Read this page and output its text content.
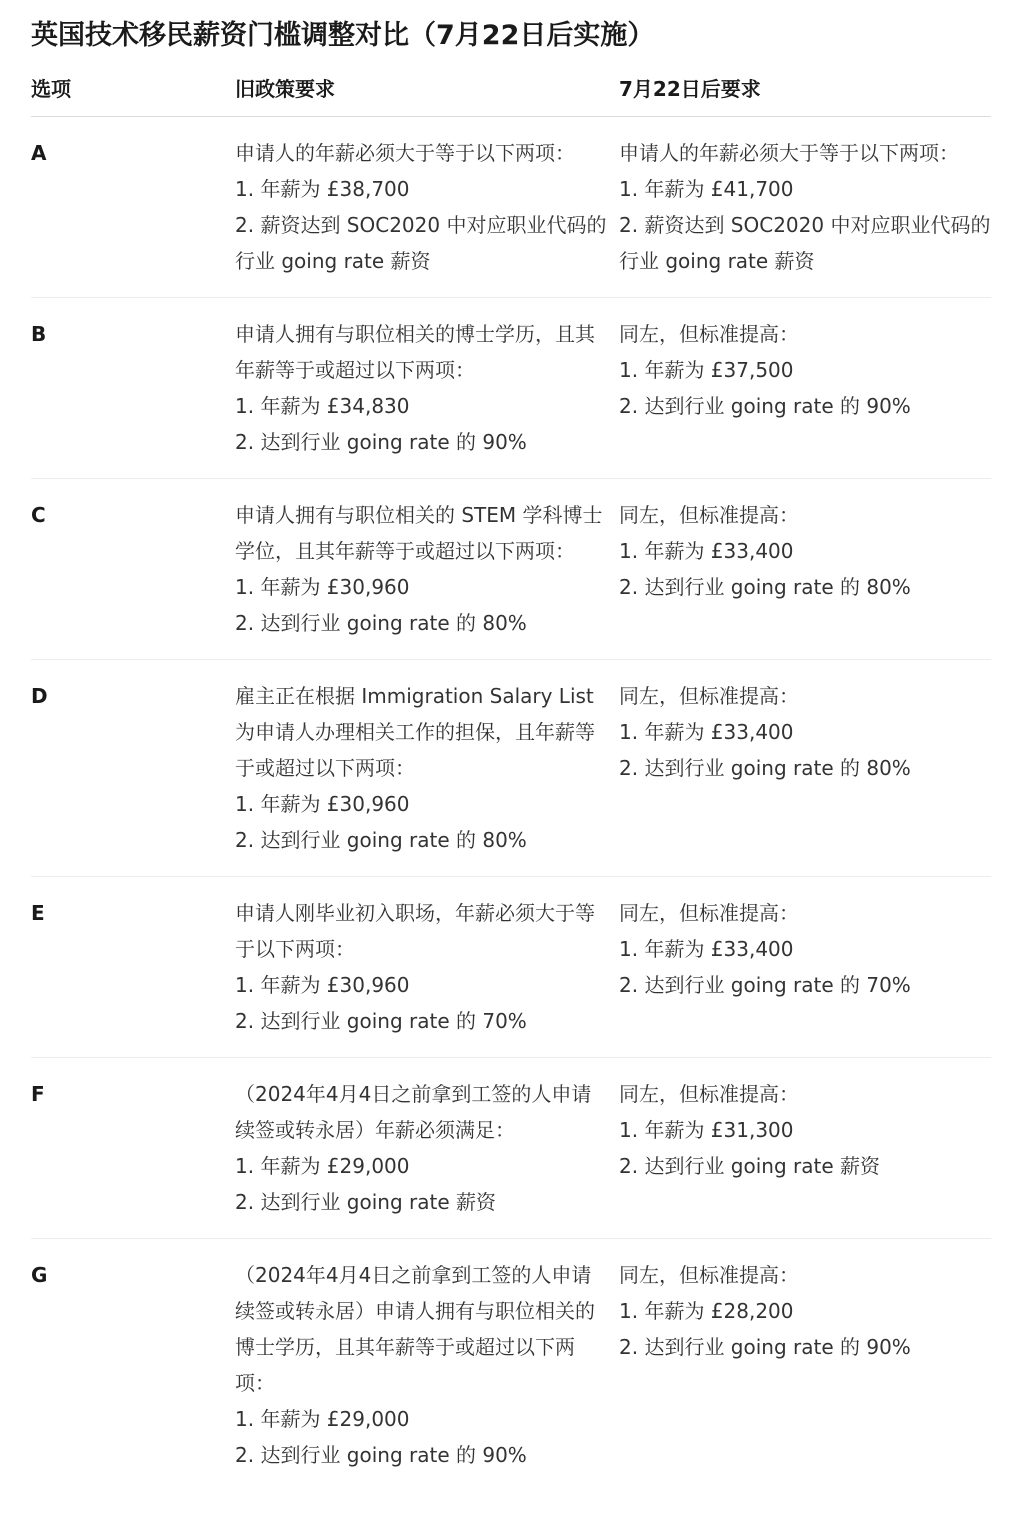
英国技术移民薪资门槛调整对比（7月22日后实施）
选项	旧政策要求	7月22日后要求
A	申请人的年薪必须大于等于以下两项：
1. 年薪为 £38,700
2. 薪资达到 SOC2020 中对应职业代码的行业 going rate 薪资	申请人的年薪必须大于等于以下两项：
1. 年薪为 £41,700
2. 薪资达到 SOC2020 中对应职业代码的行业 going rate 薪资

B	申请人拥有与职位相关的博士学历，且其年薪等于或超过以下两项：
1. 年薪为 £34,830
2. 达到行业 going rate 的 90%	同左，但标准提高：
1. 年薪为 £37,500
2. 达到行业 going rate 的 90%

C	申请人拥有与职位相关的 STEM 学科博士学位，且其年薪等于或超过以下两项：
1. 年薪为 £30,960
2. 达到行业 going rate 的 80%	同左，但标准提高：
1. 年薪为 £33,400
2. 达到行业 going rate 的 80%

D	雇主正在根据 Immigration Salary List 为申请人办理相关工作的担保，且年薪等于或超过以下两项：
1. 年薪为 £30,960
2. 达到行业 going rate 的 80%	同左，但标准提高：
1. 年薪为 £33,400
2. 达到行业 going rate 的 80%

E	申请人刚毕业初入职场，年薪必须大于等于以下两项：
1. 年薪为 £30,960
2. 达到行业 going rate 的 70%	同左，但标准提高：
1. 年薪为 £33,400
2. 达到行业 going rate 的 70%

F	（2024年4月4日之前拿到工签的人申请续签或转永居）年薪必须满足：
1. 年薪为 £29,000
2. 达到行业 going rate 薪资	同左，但标准提高：
1. 年薪为 £31,300
2. 达到行业 going rate 薪资

G	（2024年4月4日之前拿到工签的人申请续签或转永居）申请人拥有与职位相关的博士学历，且其年薪等于或超过以下两项：
1. 年薪为 £29,000
2. 达到行业 going rate 的 90%	同左，但标准提高：
1. 年薪为 £28,200
2. 达到行业 going rate 的 90%
